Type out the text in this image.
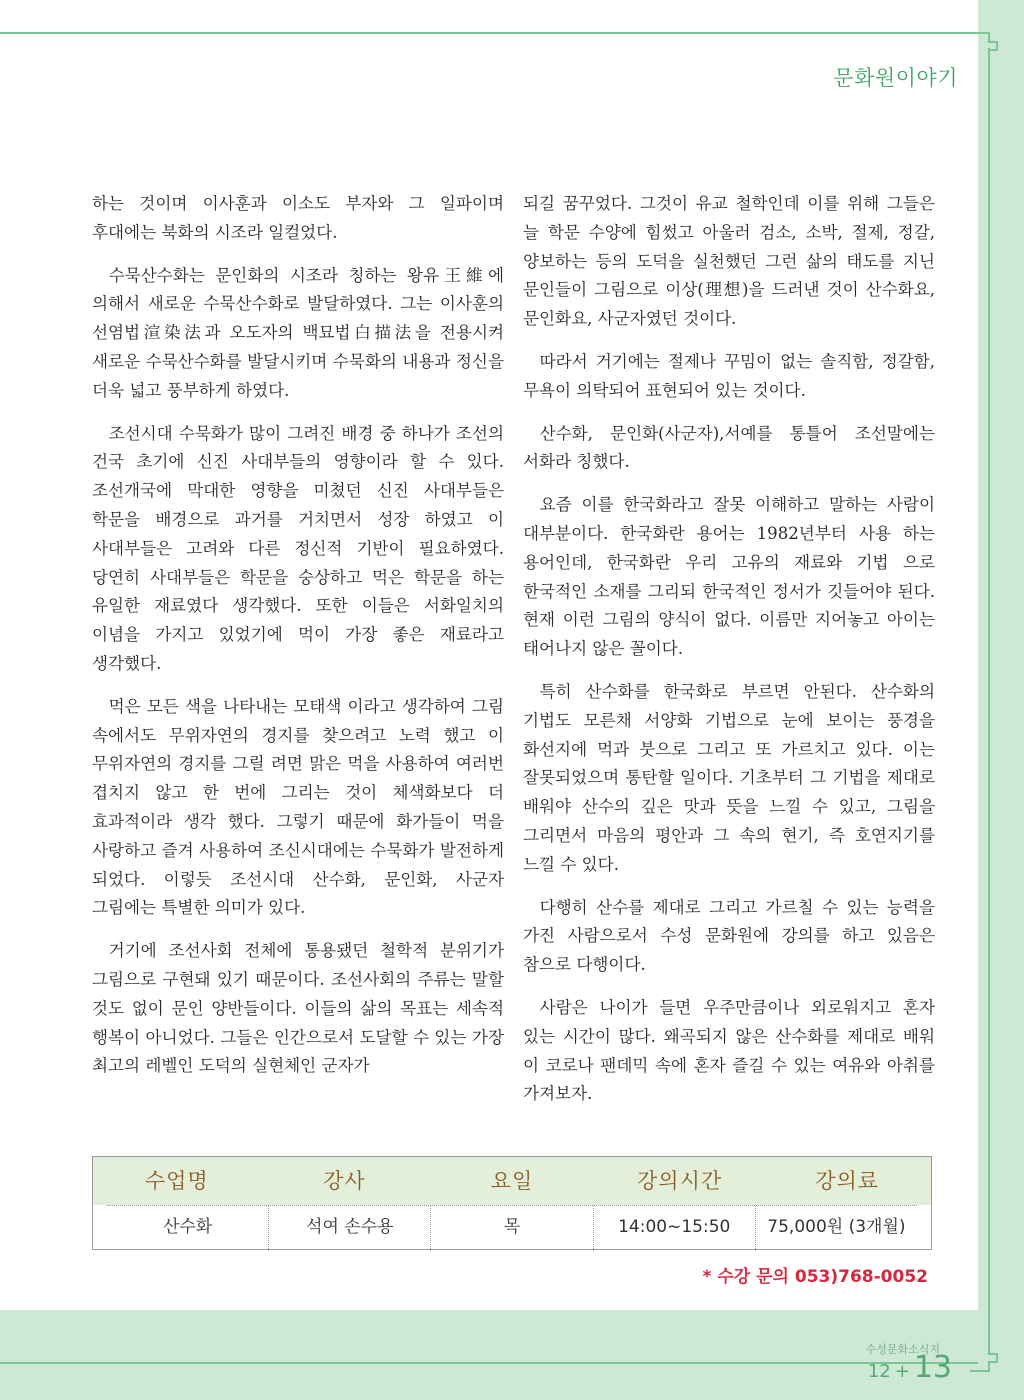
문화원이야기

하는 것이며 이사훈과 이소도 부자와 그 일파이며 후대에는 북화의 시조라 일컬었다.

수묵산수화는 문인화의 시조라 칭하는 왕유王維에 의해서 새로운 수묵산수화로 발달하였다. 그는 이사훈의 선염법渲染法과 오도자의 백묘법白描法을 전용시켜 새로운 수묵산수화를 발달시키며 수묵화의 내용과 정신을 더욱 넓고 풍부하게 하였다.

조선시대 수묵화가 많이 그려진 배경 중 하나가 조선의 건국 초기에 신진 사대부들의 영향이라 할 수 있다. 조선개국에 막대한 영향을 미쳤던 신진 사대부들은 학문을 배경으로 과거를 거치면서 성장 하였고 이 사대부들은 고려와 다른 정신적 기반이 필요하였다. 당연히 사대부들은 학문을 숭상하고 먹은 학문을 하는 유일한 재료였다 생각했다. 또한 이들은 서화일치의 이념을 가지고 있었기에 먹이 가장 좋은 재료라고 생각했다.

먹은 모든 색을 나타내는 모태색 이라고 생각하여 그림 속에서도 무위자연의 경지를 찾으려고 노력 했고 이 무위자연의 경지를 그릴 려면 맑은 먹을 사용하여 여러번 겹치지 않고 한 번에 그리는 것이 체색화보다 더 효과적이라 생각 했다. 그렇기 때문에 화가들이 먹을 사랑하고 즐겨 사용하여 조신시대에는 수묵화가 발전하게 되었다. 이렇듯 조선시대 산수화, 문인화, 사군자 그림에는 특별한 의미가 있다.

거기에 조선사회 전체에 통용됐던 철학적 분위기가 그림으로 구현돼 있기 때문이다. 조선사회의 주류는 말할 것도 없이 문인 양반들이다. 이들의 삶의 목표는 세속적 행복이 아니었다. 그들은 인간으로서 도달할 수 있는 가장 최고의 레벨인 도덕의 실현체인 군자가

되길 꿈꾸었다. 그것이 유교 철학인데 이를 위해 그들은 늘 학문 수양에 힘썼고 아울러 검소, 소박, 절제, 정갈, 양보하는 등의 도덕을 실천했던 그런 삶의 태도를 지닌 문인들이 그림으로 이상(理想)을 드러낸 것이 산수화요, 문인화요, 사군자였던 것이다.

따라서 거기에는 절제나 꾸밈이 없는 솔직함, 정갈함, 무욕이 의탁되어 표현되어 있는 것이다.

산수화, 문인화(사군자),서예를 통틀어 조선말에는 서화라 칭했다.

요즘 이를 한국화라고 잘못 이해하고 말하는 사람이 대부분이다. 한국화란 용어는 1982년부터 사용 하는 용어인데, 한국화란 우리 고유의 재료와 기법 으로 한국적인 소재를 그리되 한국적인 정서가 깃들어야 된다. 현재 이런 그림의 양식이 없다. 이름만 지어놓고 아이는 태어나지 않은 꼴이다.

특히 산수화를 한국화로 부르면 안된다. 산수화의 기법도 모른채 서양화 기법으로 눈에 보이는 풍경을 화선지에 먹과 붓으로 그리고 또 가르치고 있다. 이는 잘못되었으며 통탄할 일이다. 기초부터 그 기법을 제대로 배워야 산수의 깊은 맛과 뜻을 느낄 수 있고, 그림을 그리면서 마음의 평안과 그 속의 현기, 즉 호연지기를 느낄 수 있다.

다행히 산수를 제대로 그리고 가르칠 수 있는 능력을 가진 사람으로서 수성 문화원에 강의를 하고 있음은 참으로 다행이다.

사람은 나이가 들면 우주만큼이나 외로워지고 혼자 있는 시간이 많다. 왜곡되지 않은 산수화를 제대로 배워 이 코로나 팬데믹 속에 혼자 즐길 수 있는 여유와 아취를 가져보자.

수업명	강사	요일	강의시간	강의료
산수화	석여 손수용	목	14:00~15:50	75,000원 (3개월)
* 수강 문의 053)768-0052
수성문화소식지
12 + 13
